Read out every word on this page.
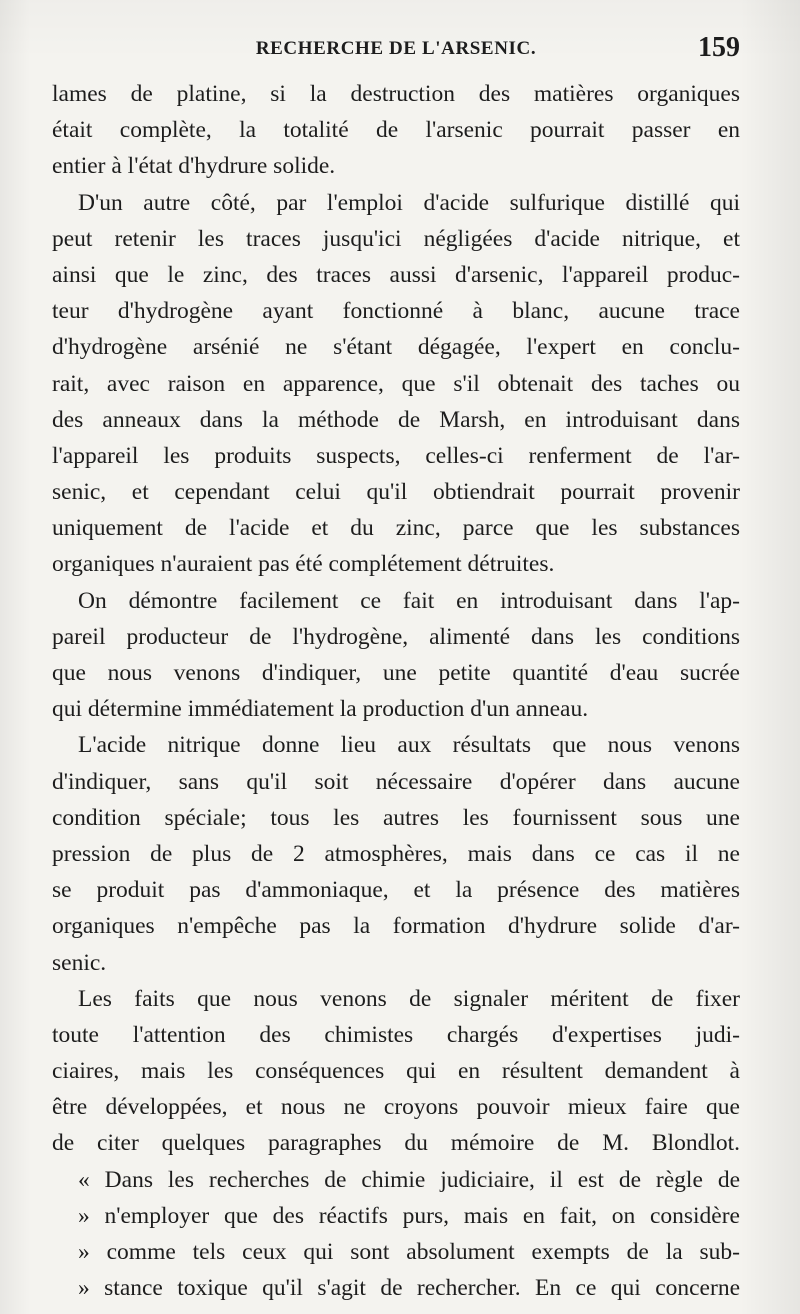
RECHERCHE DE L'ARSENIC.	159
lames de platine, si la destruction des matières organiques
était complète, la totalité de l'arsenic pourrait passer en
entier à l'état d'hydrure solide.
D'un autre côté, par l'emploi d'acide sulfurique distillé qui
peut retenir les traces jusqu'ici négligées d'acide nitrique, et
ainsi que le zinc, des traces aussi d'arsenic, l'appareil produc-
teur d'hydrogène ayant fonctionné à blanc, aucune trace
d'hydrogène arsénié ne s'étant dégagée, l'expert en conclu-
rait, avec raison en apparence, que s'il obtenait des taches ou
des anneaux dans la méthode de Marsh, en introduisant dans
l'appareil les produits suspects, celles-ci renferment de l'ar-
senic, et cependant celui qu'il obtiendrait pourrait provenir
uniquement de l'acide et du zinc, parce que les substances
organiques n'auraient pas été complétement détruites.
On démontre facilement ce fait en introduisant dans l'ap-
pareil producteur de l'hydrogène, alimenté dans les conditions
que nous venons d'indiquer, une petite quantité d'eau sucrée
qui détermine immédiatement la production d'un anneau.
L'acide nitrique donne lieu aux résultats que nous venons
d'indiquer, sans qu'il soit nécessaire d'opérer dans aucune
condition spéciale; tous les autres les fournissent sous une
pression de plus de 2 atmosphères, mais dans ce cas il ne
se produit pas d'ammoniaque, et la présence des matières
organiques n'empêche pas la formation d'hydrure solide d'ar-
senic.
Les faits que nous venons de signaler méritent de fixer
toute l'attention des chimistes chargés d'expertises judi-
ciaires, mais les conséquences qui en résultent demandent à
être développées, et nous ne croyons pouvoir mieux faire que
de citer quelques paragraphes du mémoire de M. Blondlot.
« Dans les recherches de chimie judiciaire, il est de règle de
» n'employer que des réactifs purs, mais en fait, on considère
» comme tels ceux qui sont absolument exempts de la sub-
» stance toxique qu'il s'agit de rechercher. En ce qui concerne
